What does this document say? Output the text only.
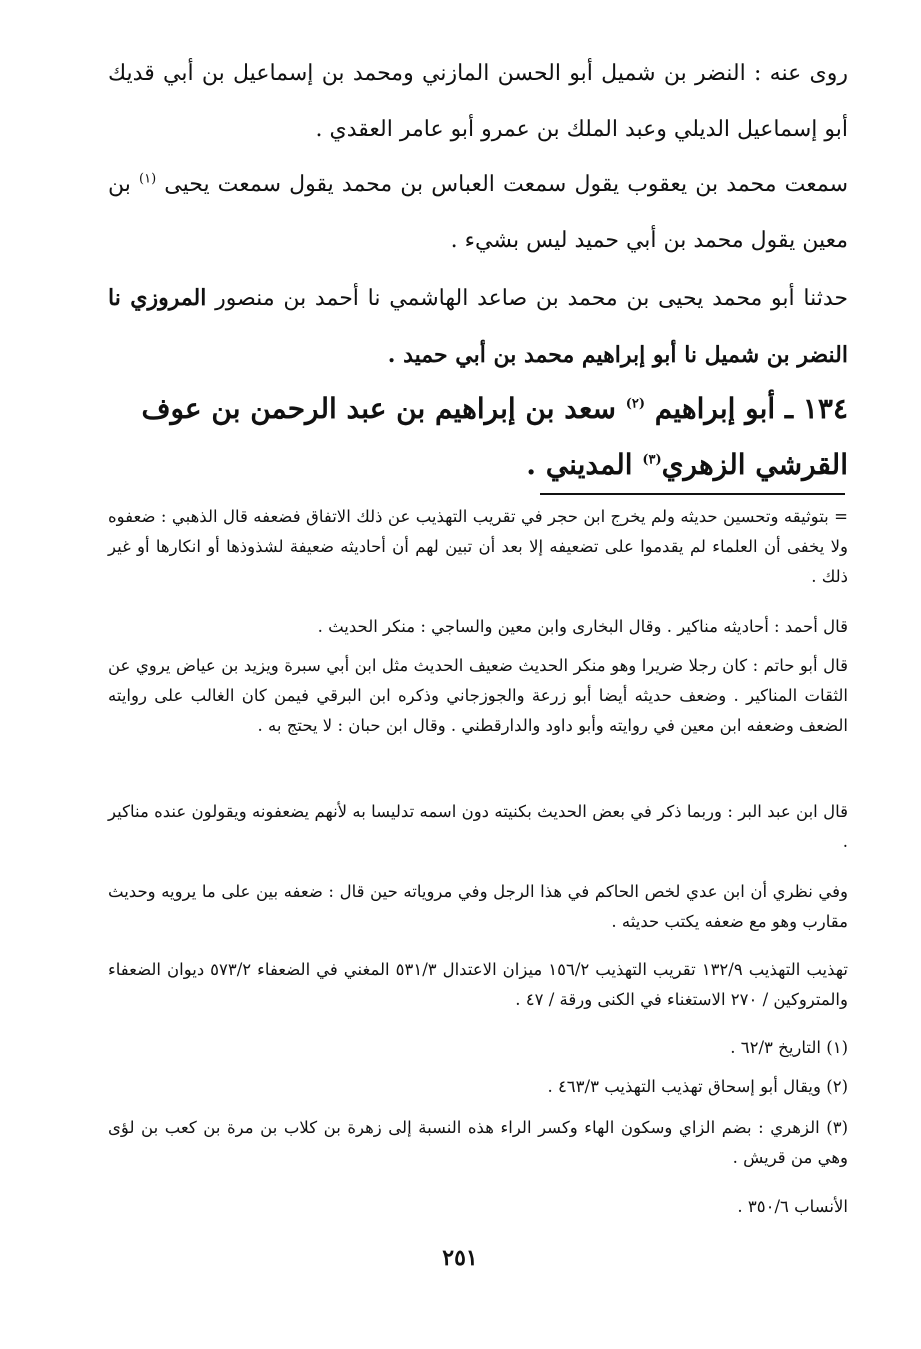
روى عنه : النضر بن شميل أبو الحسن المازني ومحمد بن إسماعيل بن أبي قديك أبو إسماعيل الديلي وعبد الملك بن عمرو أبو عامر العقدي .
سمعت محمد بن يعقوب يقول سمعت العباس بن محمد يقول سمعت يحيى $^{(١)}$ بن معين يقول محمد بن أبي حميد ليس بشيء .
حدثنا أبو محمد يحيى بن محمد بن صاعد الهاشمي نا أحمد بن منصور المروزي نا النضر بن شميل نا أبو إبراهيم محمد بن أبي حميد .
١٣٤ ـ أبو إبراهيم $^{(٢)}$ سعد بن إبراهيم بن عبد الرحمن بن عوف القرشي الزهري$^{(٣)}$ المديني .
= بتوثيقه وتحسين حديثه ولم يخرج ابن حجر في تقريب التهذيب عن ذلك الاتفاق فضعفه قال الذهبي : ضعفوه ولا يخفى أن العلماء لم يقدموا على تضعيفه إلا بعد أن تبين لهم أن أحاديثه ضعيفة لشذوذها أو انكارها أو غير ذلك .
قال أحمد : أحاديثه مناكير . وقال البخارى وابن معين والساجي : منكر الحديث .
قال أبو حاتم : كان رجلا ضريرا وهو منكر الحديث ضعيف الحديث مثل ابن أبي سبرة ويزيد بن عياض يروي عن الثقات المناكير . وضعف حديثه أيضا أبو زرعة والجوزجاني وذكره ابن البرقي فيمن كان الغالب على روايته الضعف وضعفه ابن معين في روايته وأبو داود والدارقطني . وقال ابن حبان : لا يحتج به .
قال ابن عبد البر : وربما ذكر في بعض الحديث بكنيته دون اسمه تدليسا به لأنهم يضعفونه ويقولون عنده مناكير .
وفي نظري أن ابن عدي لخص الحاكم في هذا الرجل وفي مروياته حين قال : ضعفه بين على ما يرويه وحديث مقارب وهو مع ضعفه يكتب حديثه .
تهذيب التهذيب ١٣٢/٩ تقريب التهذيب ١٥٦/٢ ميزان الاعتدال ٥٣١/٣ المغني في الضعفاء ٥٧٣/٢ ديوان الضعفاء والمتروكين / ٢٧٠ الاستغناء في الكنى ورقة / ٤٧ .
(١) التاريخ ٦٢/٣ .
(٢) ويقال أبو إسحاق تهذيب التهذيب ٤٦٣/٣ .
(٣) الزهري : بضم الزاي وسكون الهاء وكسر الراء هذه النسبة إلى زهرة بن كلاب بن مرة بن كعب بن لؤى وهي من قريش .
الأنساب ٣٥٠/٦ .
٢٥١
